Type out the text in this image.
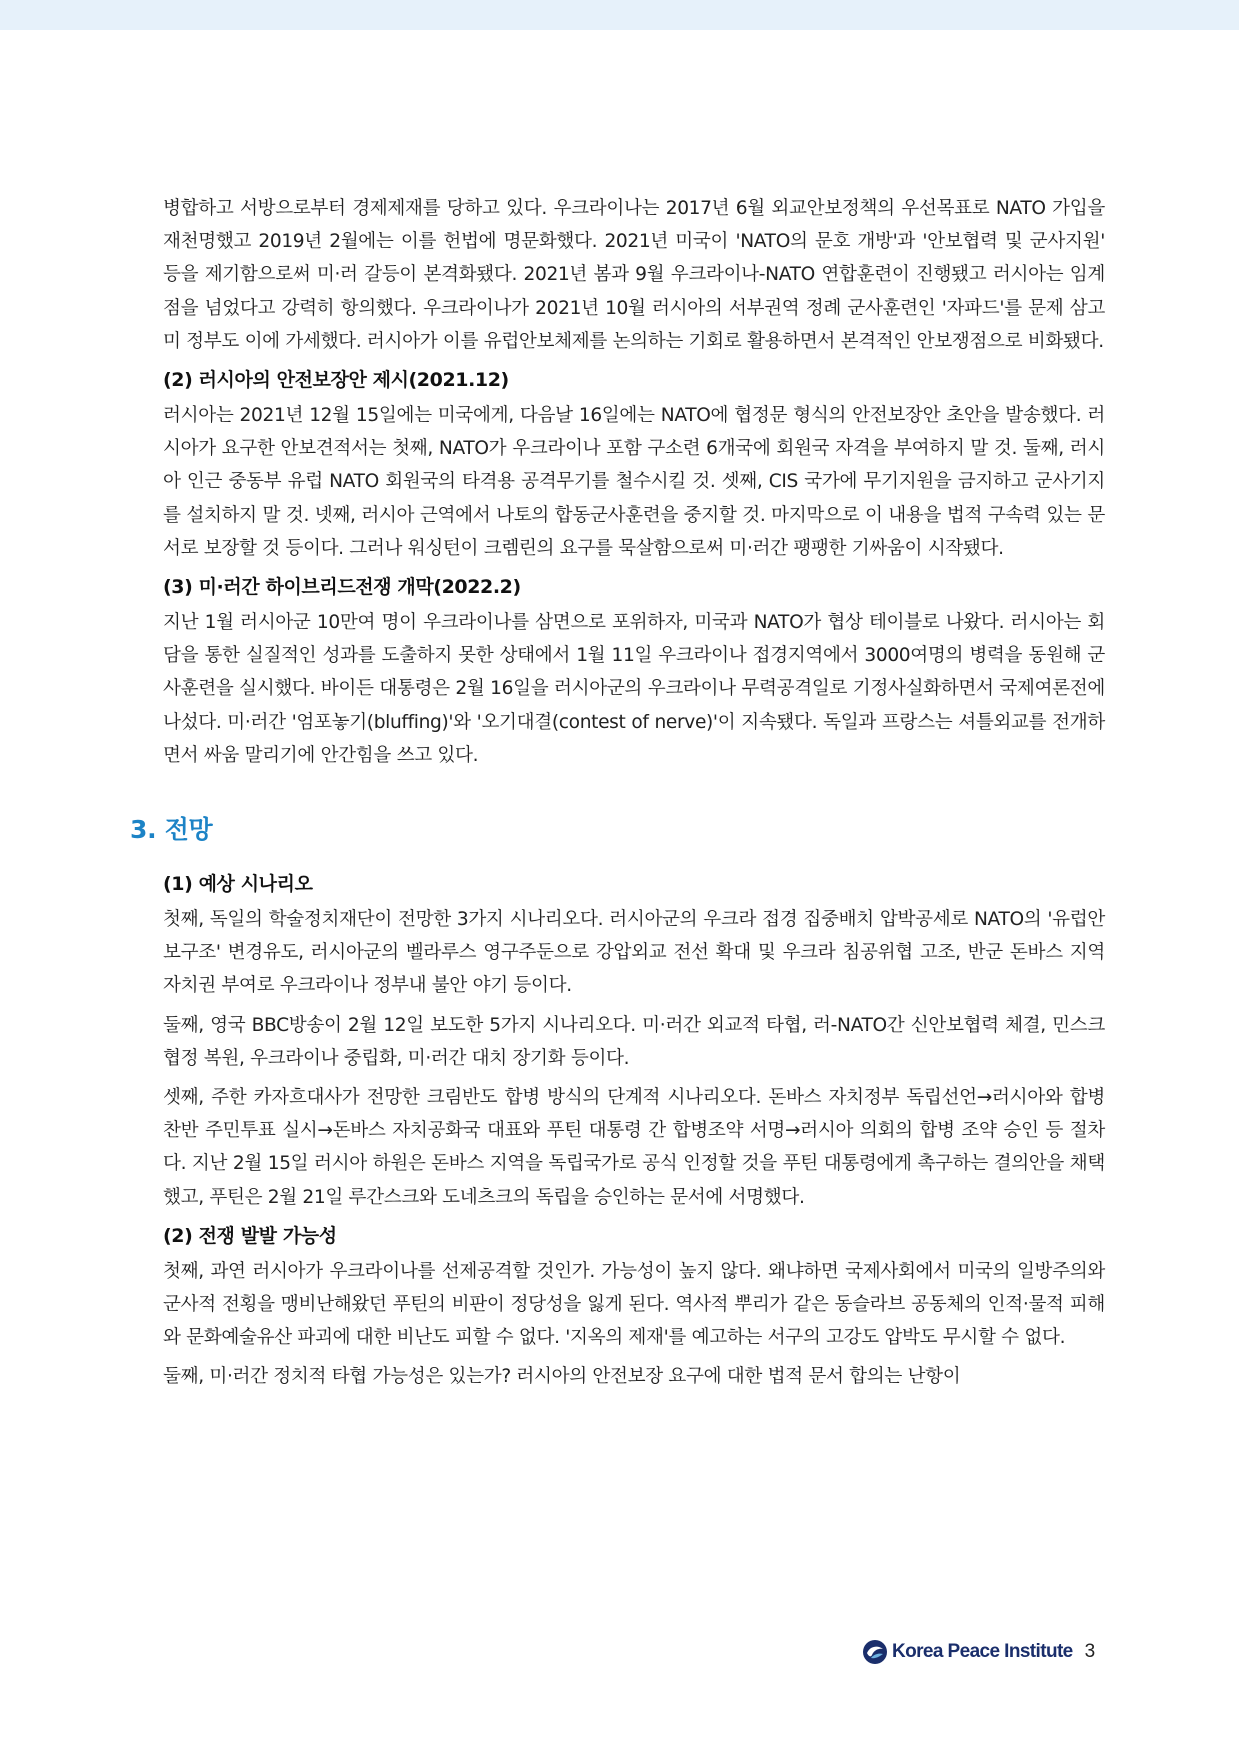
병합하고 서방으로부터 경제제재를 당하고 있다. 우크라이나는 2017년 6월 외교안보정책의 우선목표로 NATO 가입을 재천명했고 2019년 2월에는 이를 헌법에 명문화했다. 2021년 미국이 'NATO의 문호 개방'과 '안보협력 및 군사지원' 등을 제기함으로써 미·러 갈등이 본격화됐다. 2021년 봄과 9월 우크라이나-NATO 연합훈련이 진행됐고 러시아는 임계점을 넘었다고 강력히 항의했다. 우크라이나가 2021년 10월 러시아의 서부권역 정례 군사훈련인 '자파드'를 문제 삼고 미 정부도 이에 가세했다. 러시아가 이를 유럽안보체제를 논의하는 기회로 활용하면서 본격적인 안보쟁점으로 비화됐다.

(2) 러시아의 안전보장안 제시(2021.12)

러시아는 2021년 12월 15일에는 미국에게, 다음날 16일에는 NATO에 협정문 형식의 안전보장안 초안을 발송했다. 러시아가 요구한 안보견적서는 첫째, NATO가 우크라이나 포함 구소련 6개국에 회원국 자격을 부여하지 말 것. 둘째, 러시아 인근 중동부 유럽 NATO 회원국의 타격용 공격무기를 철수시킬 것. 셋째, CIS 국가에 무기지원을 금지하고 군사기지를 설치하지 말 것. 넷째, 러시아 근역에서 나토의 합동군사훈련을 중지할 것. 마지막으로 이 내용을 법적 구속력 있는 문서로 보장할 것 등이다. 그러나 워싱턴이 크렘린의 요구를 묵살함으로써 미·러간 팽팽한 기싸움이 시작됐다.

(3) 미·러간 하이브리드전쟁 개막(2022.2)

지난 1월 러시아군 10만여 명이 우크라이나를 삼면으로 포위하자, 미국과 NATO가 협상 테이블로 나왔다. 러시아는 회담을 통한 실질적인 성과를 도출하지 못한 상태에서 1월 11일 우크라이나 접경지역에서 3000여명의 병력을 동원해 군사훈련을 실시했다. 바이든 대통령은 2월 16일을 러시아군의 우크라이나 무력공격일로 기정사실화하면서 국제여론전에 나섰다. 미·러간 '엄포놓기(bluffing)'와 '오기대결(contest of nerve)'이 지속됐다. 독일과 프랑스는 셔틀외교를 전개하면서 싸움 말리기에 안간힘을 쓰고 있다.

3. 전망
(1) 예상 시나리오

첫째, 독일의 학술정치재단이 전망한 3가지 시나리오다. 러시아군의 우크라 접경 집중배치 압박공세로 NATO의 '유럽안보구조' 변경유도, 러시아군의 벨라루스 영구주둔으로 강압외교 전선 확대 및 우크라 침공위협 고조, 반군 돈바스 지역 자치권 부여로 우크라이나 정부내 불안 야기 등이다.

둘째, 영국 BBC방송이 2월 12일 보도한 5가지 시나리오다. 미·러간 외교적 타협, 러-NATO간 신안보협력 체결, 민스크협정 복원, 우크라이나 중립화, 미·러간 대치 장기화 등이다.

셋째, 주한 카자흐대사가 전망한 크림반도 합병 방식의 단계적 시나리오다. 돈바스 자치정부 독립선언→러시아와 합병 찬반 주민투표 실시→돈바스 자치공화국 대표와 푸틴 대통령 간 합병조약 서명→러시아 의회의 합병 조약 승인 등 절차다. 지난 2월 15일 러시아 하원은 돈바스 지역을 독립국가로 공식 인정할 것을 푸틴 대통령에게 촉구하는 결의안을 채택했고, 푸틴은 2월 21일 루간스크와 도네츠크의 독립을 승인하는 문서에 서명했다.

(2) 전쟁 발발 가능성

첫째, 과연 러시아가 우크라이나를 선제공격할 것인가. 가능성이 높지 않다. 왜냐하면 국제사회에서 미국의 일방주의와 군사적 전횡을 맹비난해왔던 푸틴의 비판이 정당성을 잃게 된다. 역사적 뿌리가 같은 동슬라브 공동체의 인적·물적 피해와 문화예술유산 파괴에 대한 비난도 피할 수 없다. '지옥의 제재'를 예고하는 서구의 고강도 압박도 무시할 수 없다.

둘째, 미·러간 정치적 타협 가능성은 있는가? 러시아의 안전보장 요구에 대한 법적 문서 합의는 난항이

Korea Peace Institute 3
